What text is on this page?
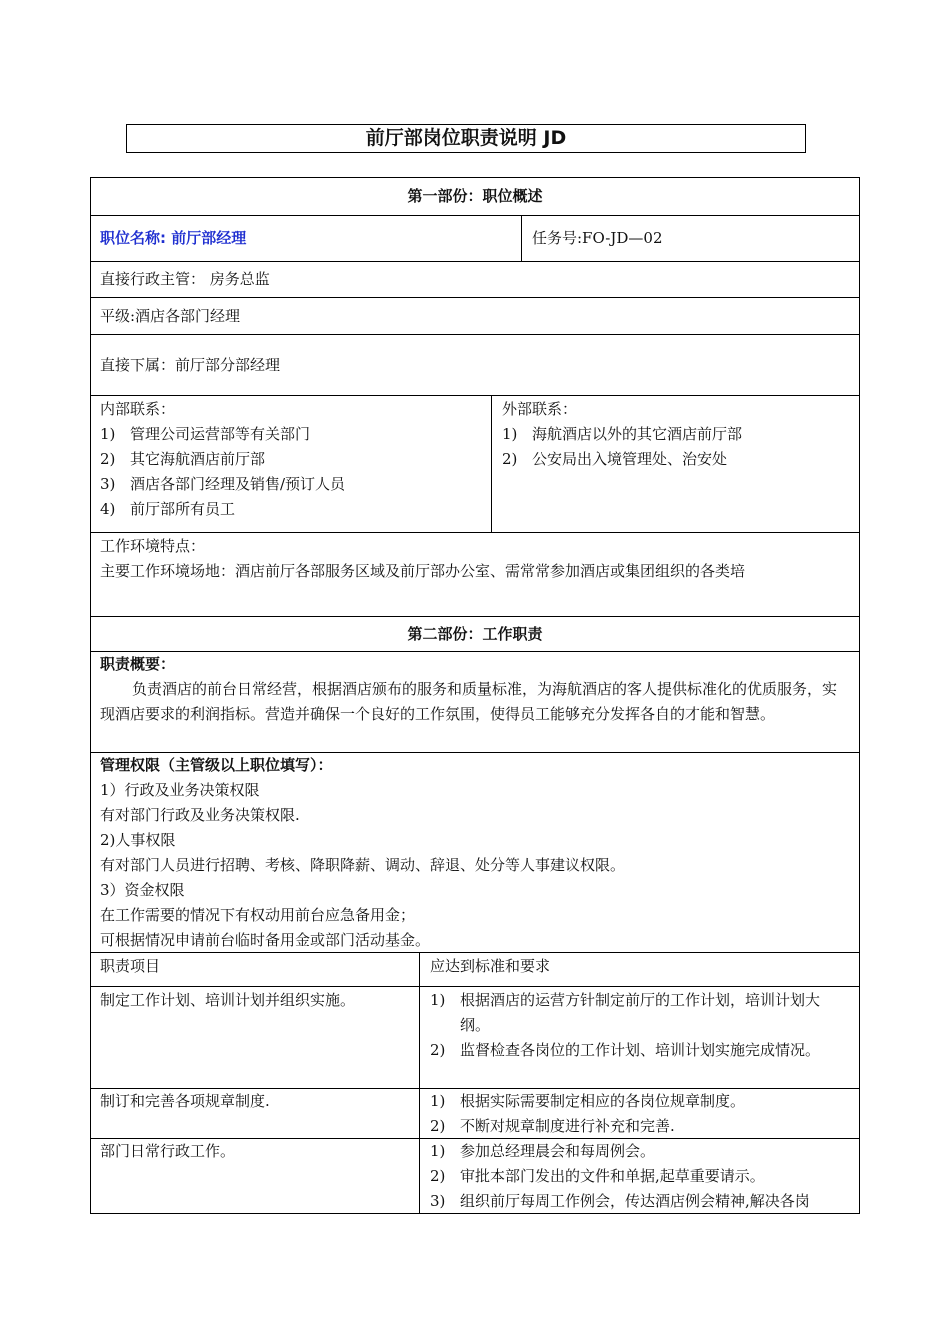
前厅部岗位职责说明 JD
第一部份：职位概述
职位名称: 前厅部经理	任务号:FO-JD—02
直接行政主管： 房务总监
平级:酒店各部门经理
直接下属：前厅部分部经理
内部联系：
1) 管理公司运营部等有关部门
2) 其它海航酒店前厅部
3) 酒店各部门经理及销售/预订人员
4) 前厅部所有员工
外部联系：
1) 海航酒店以外的其它酒店前厅部
2) 公安局出入境管理处、治安处
工作环境特点：
主要工作环境场地：酒店前厅各部服务区域及前厅部办公室、需常常参加酒店或集团组织的各类培
第二部份：工作职责
职责概要：
负责酒店的前台日常经营，根据酒店颁布的服务和质量标准，为海航酒店的客人提供标准化的优质服务，实现酒店要求的利润指标。营造并确保一个良好的工作氛围，使得员工能够充分发挥各自的才能和智慧。
管理权限（主管级以上职位填写）：
1）行政及业务决策权限
有对部门行政及业务决策权限.
2)人事权限
有对部门人员进行招聘、考核、降职降薪、调动、辞退、处分等人事建议权限。
3）资金权限
在工作需要的情况下有权动用前台应急备用金；
可根据情况申请前台临时备用金或部门活动基金。
职责项目	应达到标准和要求
制定工作计划、培训计划并组织实施。	1) 根据酒店的运营方针制定前厅的工作计划，培训计划大纲。
2) 监督检查各岗位的工作计划、培训计划实施完成情况。
制订和完善各项规章制度.	1) 根据实际需要制定相应的各岗位规章制度。
2) 不断对规章制度进行补充和完善.
部门日常行政工作。	1) 参加总经理晨会和每周例会。
2) 审批本部门发出的文件和单据,起草重要请示。
3) 组织前厅每周工作例会，传达酒店例会精神,解决各岗
